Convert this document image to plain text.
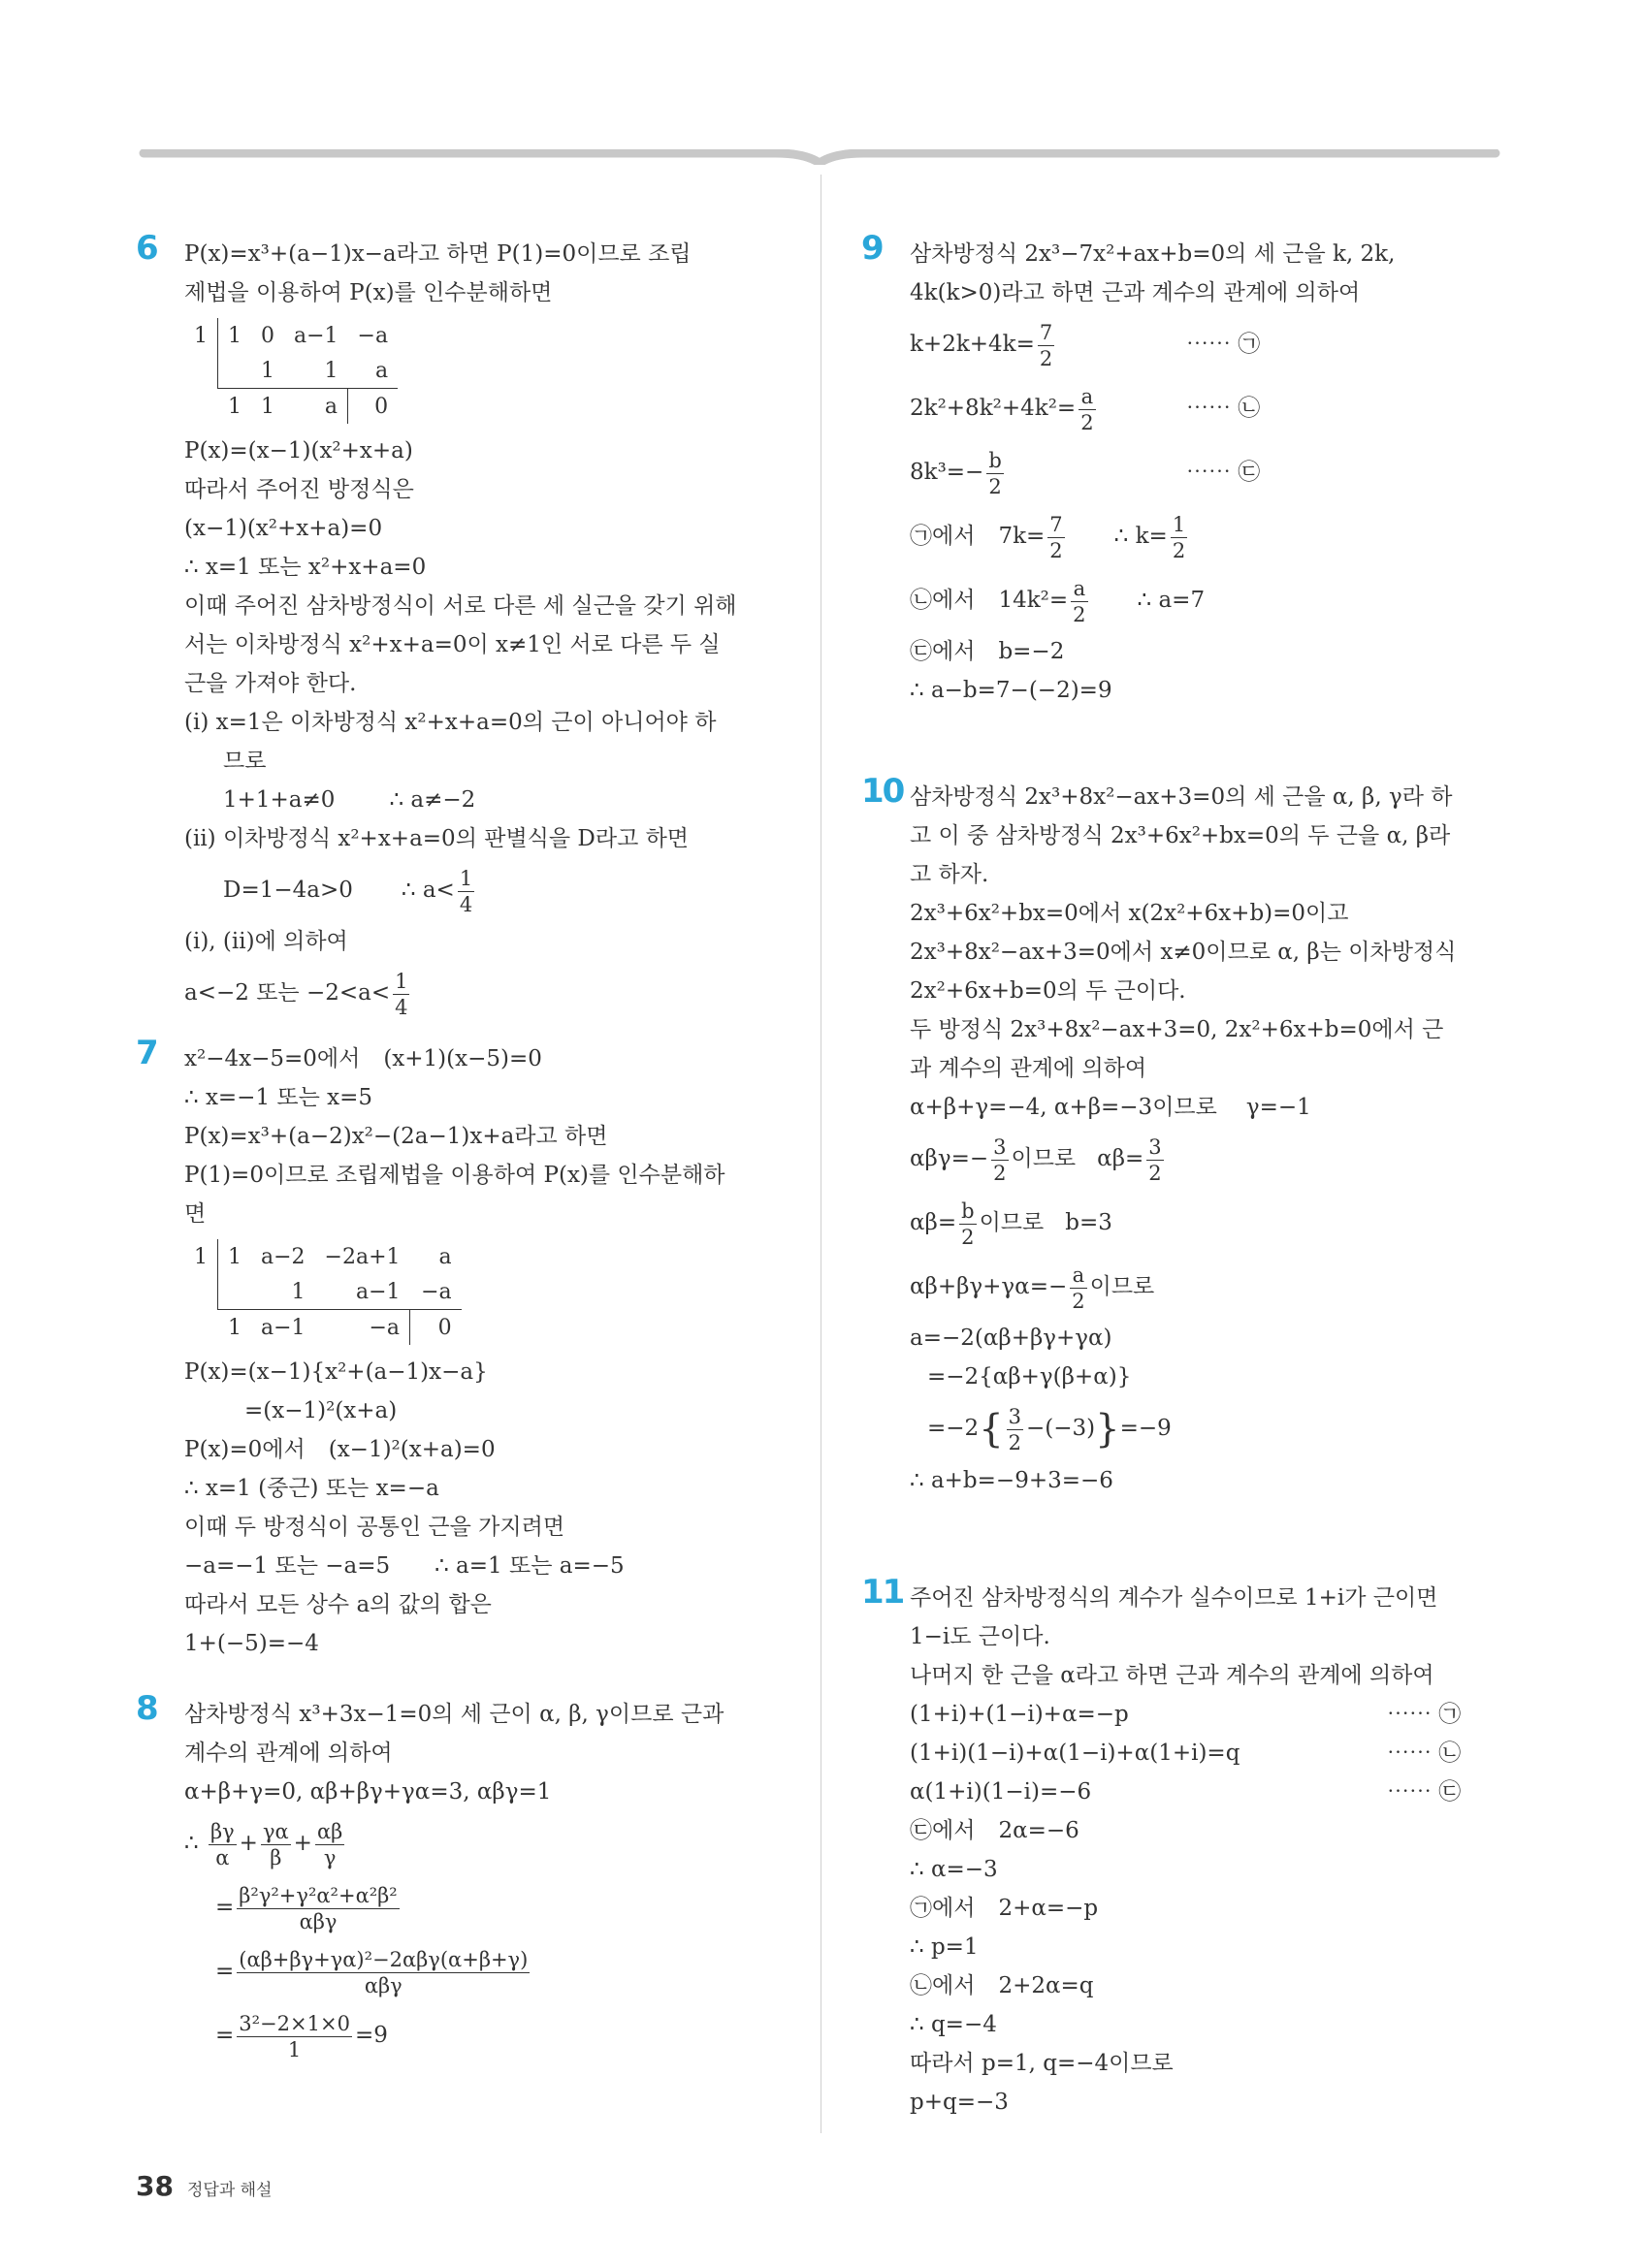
6 P(x)=x³+(a−1)x−a라고 하면 P(1)=0이므로 조립
제법을 이용하여 P(x)를 인수분해하면
1	1	0	a−1	−a
		1	1	a
	1	1	a	0
P(x)=(x−1)(x²+x+a)
따라서 주어진 방정식은
(x−1)(x²+x+a)=0
∴ x=1 또는 x²+x+a=0
이때 주어진 삼차방정식이 서로 다른 세 실근을 갖기 위해
서는 이차방정식 x²+x+a=0이 x≠1인 서로 다른 두 실
근을 가져야 한다.
(ⅰ) x=1은 이차방정식 x²+x+a=0의 근이 아니어야 하
므로
1+1+a≠0 ∴ a≠−2
(ⅱ) 이차방정식 x²+x+a=0의 판별식을 D라고 하면
D=1−4a>0 ∴ $a< \frac{1}{4}$
(ⅰ), (ⅱ)에 의하여
a<−2 또는 $-2<a< \frac{1}{4}$
7 x²−4x−5=0에서 (x+1)(x−5)=0
∴ x=−1 또는 x=5
P(x)=x³+(a−2)x²−(2a−1)x+a라고 하면
P(1)=0이므로 조립제법을 이용하여 P(x)를 인수분해하
면
1	1	a−2	−2a+1	a
		1	a−1	−a
	1	a−1	−a	0
P(x)=(x−1){x²+(a−1)x−a}
=(x−1)²(x+a)
P(x)=0에서 (x−1)²(x+a)=0
∴ x=1 (중근) 또는 x=−a
이때 두 방정식이 공통인 근을 가지려면
−a=−1 또는 −a=5 ∴ a=1 또는 a=−5
따라서 모든 상수 a의 값의 합은
1+(−5)=−4
8 삼차방정식 x³+3x−1=0의 세 근이 α, β, γ이므로 근과
계수의 관계에 의하여
α+β+γ=0, αβ+βγ+γα=3, αβγ=1
∴ $\frac{\beta\gamma}{\alpha} + \frac{\gamma\alpha}{\beta} + \frac{\alpha\beta}{\gamma}$
= $\frac{\text{β²γ²+γ²α²+α²β²}}{\text{αβγ}}$
= $\frac{\text{(αβ+βγ+γα)²−2αβγ(α+β+γ)}}{\text{αβγ}}$
= $\frac{\text{3²−2×1×0}}{1} =9$
9 삼차방정식 2x³−7x²+ax+b=0의 세 근을 k, 2k,
4k(k>0)라고 하면 근과 계수의 관계에 의하여
$k+2k+4k= \frac{7}{2}$	⋯⋯ ㉠
$2k^2+8k^2+4k^2= \frac{a}{2}$	⋯⋯ ㉡
$8k^3=- \frac{b}{2}$	⋯⋯ ㉢
㉠에서 $7k= \frac{7}{2}$ ∴ $k= \frac{1}{2}$
㉡에서 $14k^2= \frac{a}{2}$ ∴ a=7
㉢에서 b=−2
∴ a−b=7−(−2)=9
10 삼차방정식 2x³+8x²−ax+3=0의 세 근을 α, β, γ라 하
고 이 중 삼차방정식 2x³+6x²+bx=0의 두 근을 α, β라
고 하자.
2x³+6x²+bx=0에서 x(2x²+6x+b)=0이고
2x³+8x²−ax+3=0에서 x≠0이므로 α, β는 이차방정식
2x²+6x+b=0의 두 근이다.
두 방정식 2x³+8x²−ax+3=0, 2x²+6x+b=0에서 근
과 계수의 관계에 의하여
α+β+γ=−4, α+β=−3이므로 γ=−1
$\alpha\beta\gamma=- \frac{3}{2}$ 이므로 $\alpha\beta= \frac{3}{2}$
$\alpha\beta= \frac{b}{2}$ 이므로 b=3
$\alpha\beta+\beta\gamma+\gamma\alpha=- \frac{a}{2}$ 이므로
a=−2(αβ+βγ+γα)
=−2{αβ+γ(β+α)}
$=-2\{ \frac{3}{2} -(-3)\}=-9$
∴ a+b=−9+3=−6
11 주어진 삼차방정식의 계수가 실수이므로 1+i가 근이면
1−i도 근이다.
나머지 한 근을 α라고 하면 근과 계수의 관계에 의하여
(1+i)+(1−i)+α=−p	⋯⋯ ㉠
(1+i)(1−i)+α(1−i)+α(1+i)=q	⋯⋯ ㉡
α(1+i)(1−i)=−6	⋯⋯ ㉢
㉢에서 2α=−6
∴ α=−3
㉠에서 2+α=−p
∴ p=1
㉡에서 2+2α=q
∴ q=−4
따라서 p=1, q=−4이므로
p+q=−3
38 정답과 해설
